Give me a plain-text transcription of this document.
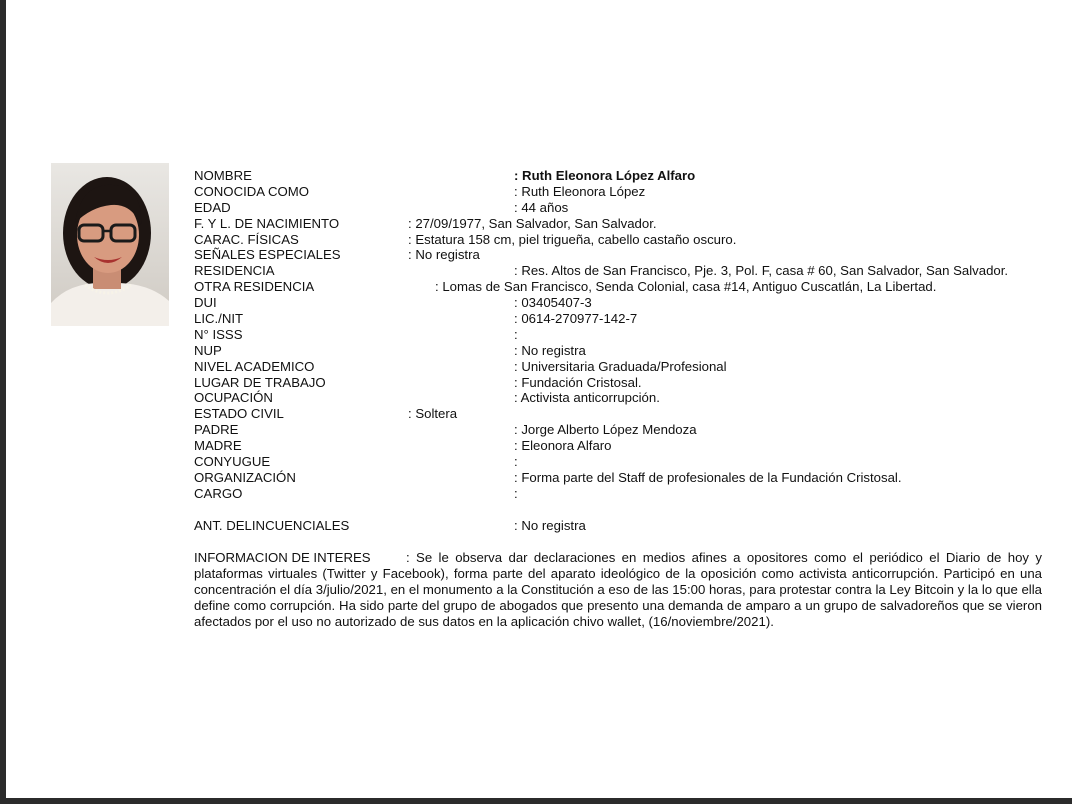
NOMBRE	: Ruth Eleonora López Alfaro
CONOCIDA COMO	: Ruth Eleonora López
EDAD	: 44 años
F. Y L. DE NACIMIENTO	: 27/09/1977, San Salvador, San Salvador.
CARAC. FÍSICAS	: Estatura 158 cm, piel trigueña, cabello castaño oscuro.
SEÑALES ESPECIALES	: No registra
RESIDENCIA	: Res. Altos de San Francisco, Pje. 3, Pol. F, casa # 60, San Salvador, San Salvador.
OTRA RESIDENCIA	: Lomas de San Francisco, Senda Colonial, casa #14, Antiguo Cuscatlán, La Libertad.
DUI	: 03405407-3
LIC./NIT	: 0614-270977-142-7
N° ISSS	:
NUP	: No registra
NIVEL ACADEMICO	: Universitaria Graduada/Profesional
LUGAR DE TRABAJO	: Fundación Cristosal.
OCUPACIÓN	: Activista anticorrupción.
ESTADO CIVIL	: Soltera
PADRE	: Jorge Alberto López Mendoza
MADRE	: Eleonora Alfaro
CONYUGUE	:
ORGANIZACIÓN	: Forma parte del Staff de profesionales de la Fundación Cristosal.
CARGO	:
ANT. DELINCUENCIALES	: No registra
INFORMACION DE INTERES	: Se le observa dar declaraciones en medios afines a opositores como el periódico el Diario de hoy y plataformas virtuales (Twitter y Facebook), forma parte del aparato ideológico de la oposición como activista anticorrupción. Participó en una concentración el día 3/julio/2021, en el monumento a la Constitución a eso de las 15:00 horas, para protestar contra la Ley Bitcoin y la lo que ella define como corrupción. Ha sido parte del grupo de abogados que presento una demanda de amparo a un grupo de salvadoreños que se vieron afectados por el uso no autorizado de sus datos en la aplicación chivo wallet, (16/noviembre/2021).
